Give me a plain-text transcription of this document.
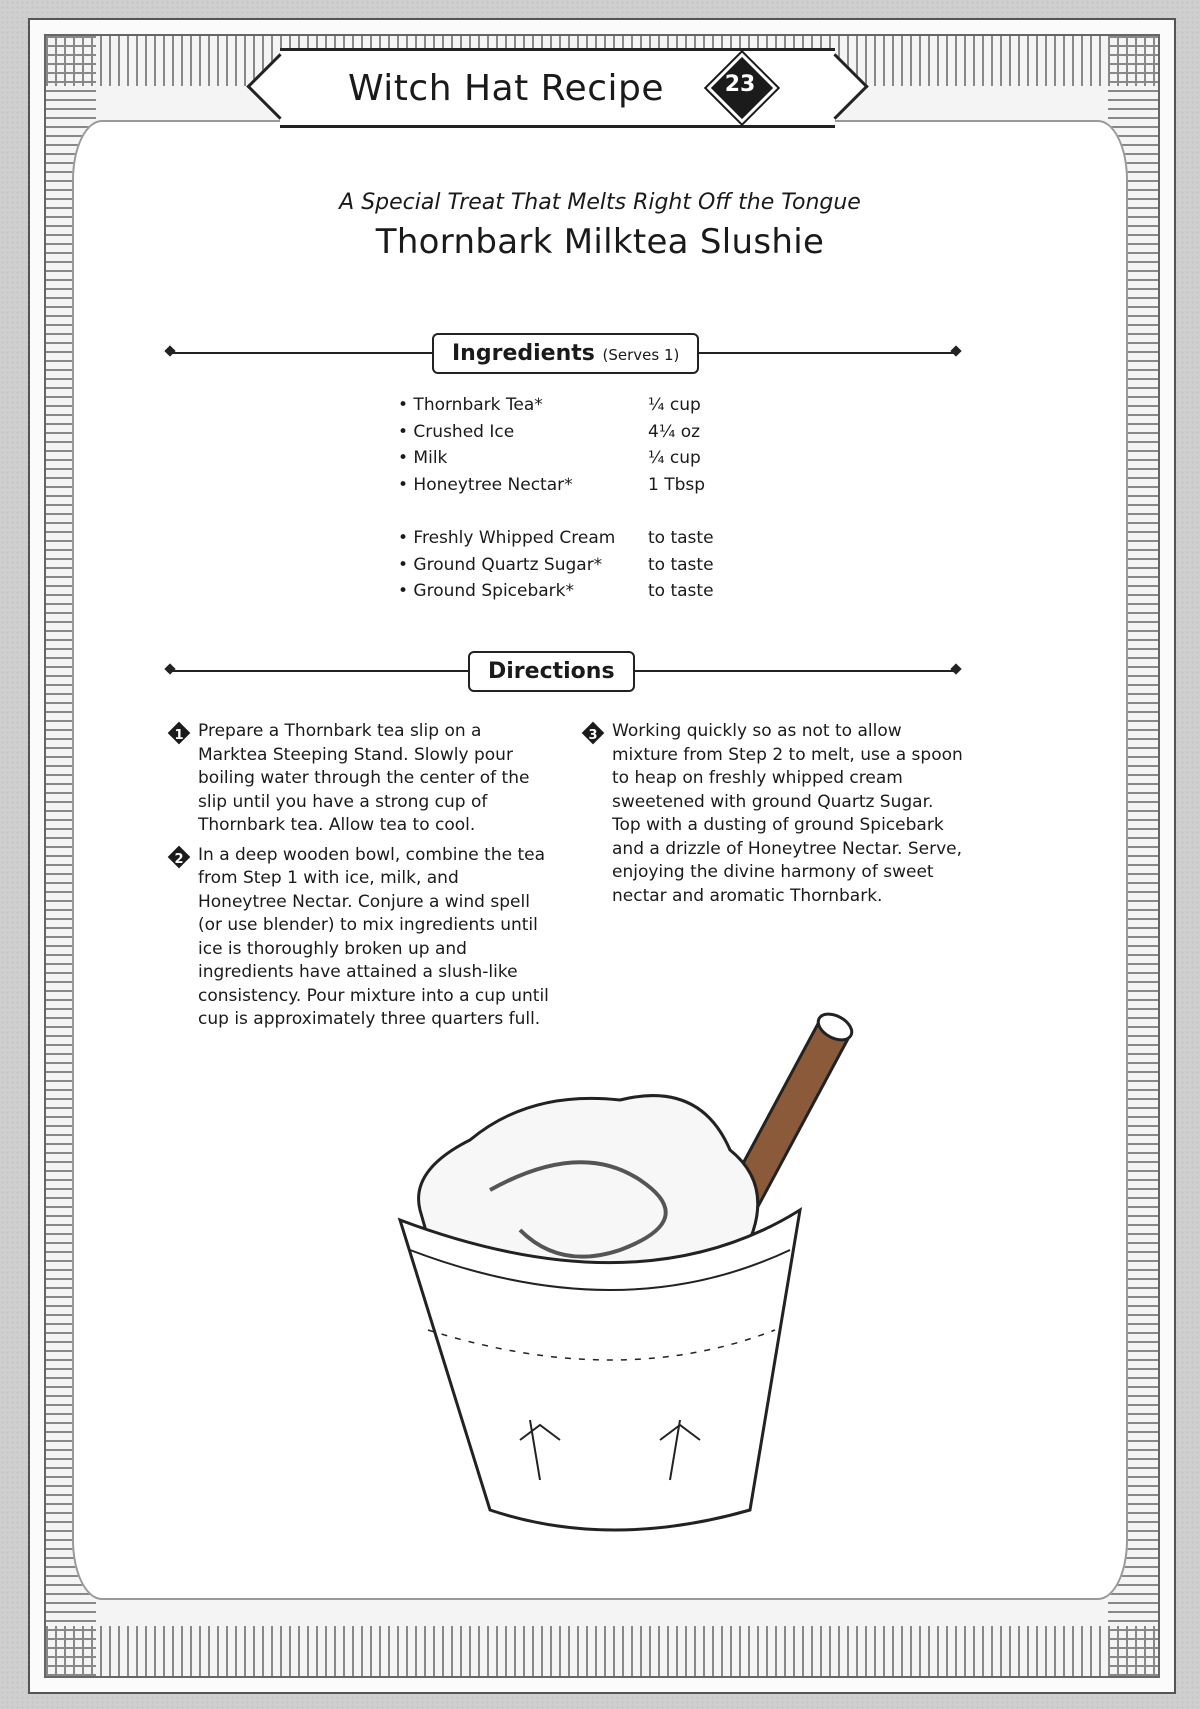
Witch Hat Recipe	23
A Special Treat That Melts Right Off the Tongue
Thornbark Milktea Slushie
Ingredients (Serves 1)
• Thornbark Tea*	¼ cup
• Crushed Ice	4¼ oz
• Milk	¼ cup
• Honeytree Nectar*	1 Tbsp
• Freshly Whipped Cream	to taste
• Ground Quartz Sugar*	to taste
• Ground Spicebark*	to taste
Directions
1 Prepare a Thornbark tea slip on a Marktea Steeping Stand. Slowly pour boiling water through the center of the slip until you have a strong cup of Thornbark tea. Allow tea to cool.
2 In a deep wooden bowl, combine the tea from Step 1 with ice, milk, and Honeytree Nectar. Conjure a wind spell (or use blender) to mix ingredients until ice is thoroughly broken up and ingredients have attained a slush-like consistency. Pour mixture into a cup until cup is approximately three quarters full.
3 Working quickly so as not to allow mixture from Step 2 to melt, use a spoon to heap on freshly whipped cream sweetened with ground Quartz Sugar. Top with a dusting of ground Spicebark and a drizzle of Honeytree Nectar. Serve, enjoying the divine harmony of sweet nectar and aromatic Thornbark.
